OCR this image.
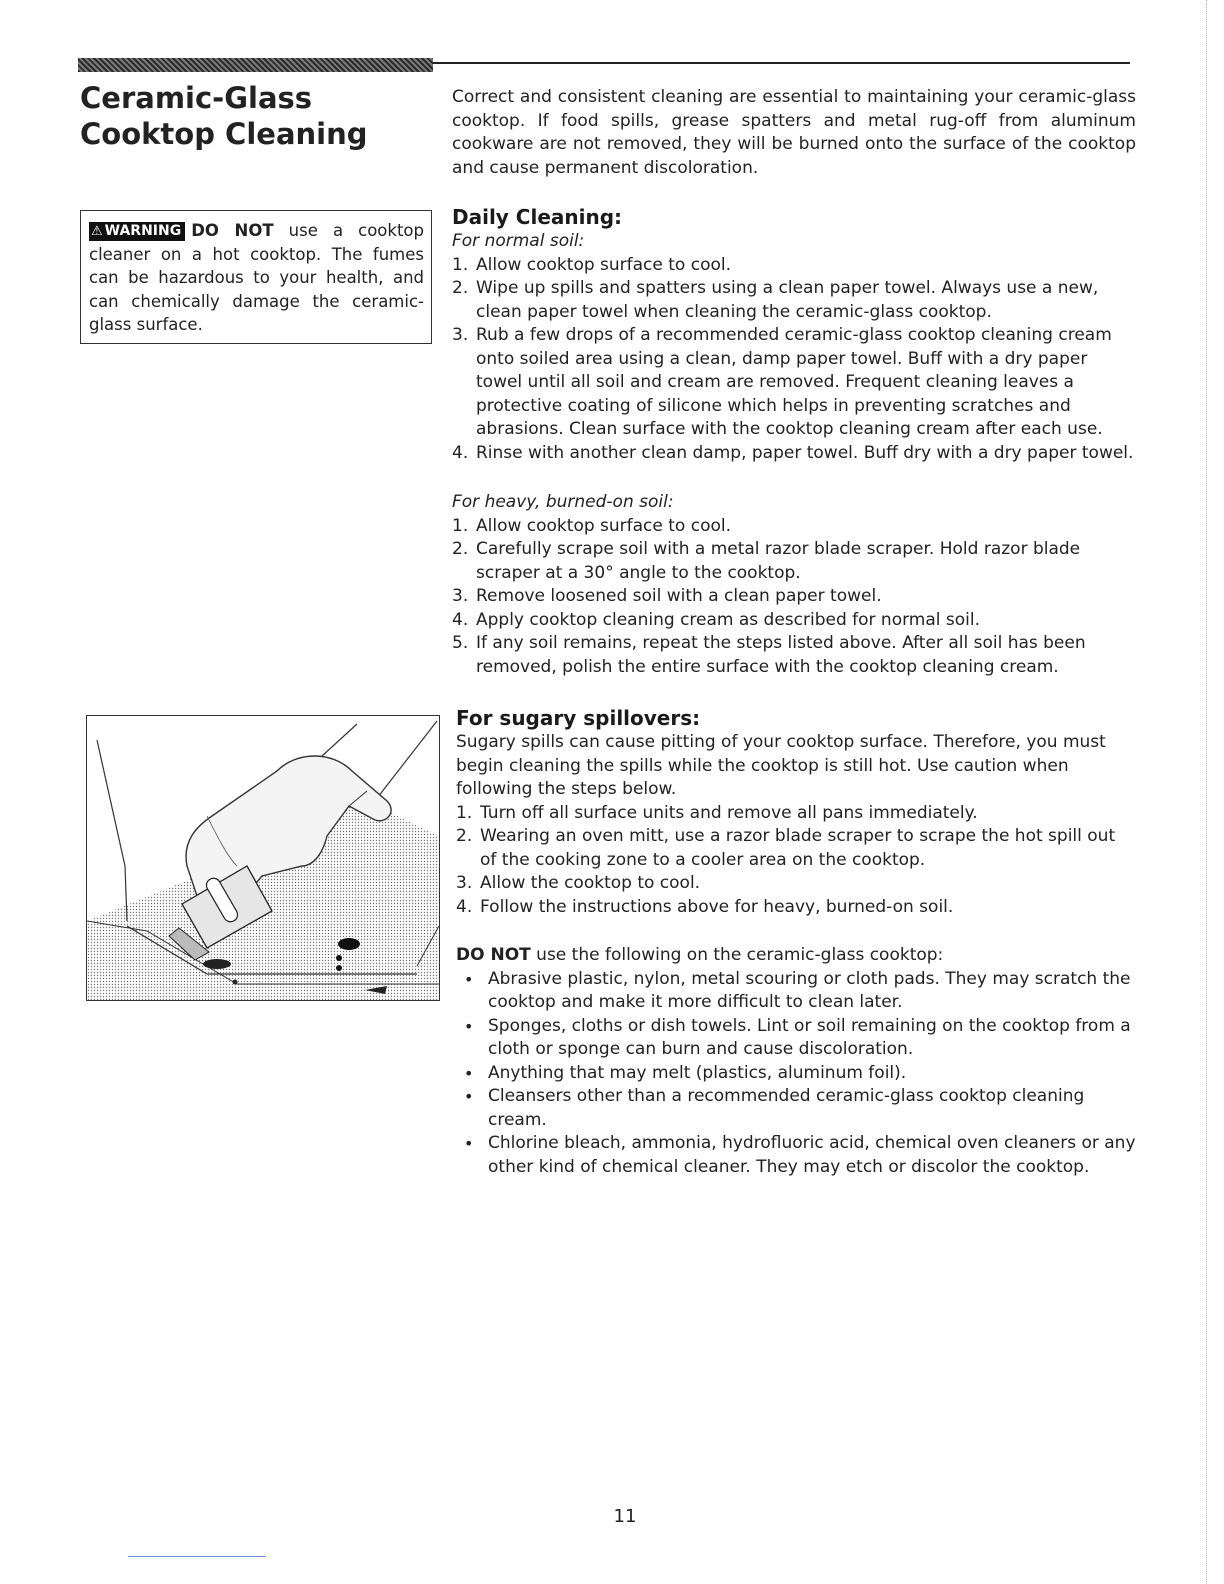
Ceramic-Glass Cooktop Cleaning
⚠ WARNING DO NOT use a cooktop cleaner on a hot cooktop. The fumes can be hazardous to your health, and can chemically damage the ceramic-glass surface.
Correct and consistent cleaning are essential to maintaining your ceramic-glass cooktop. If food spills, grease spatters and metal rug-off from aluminum cookware are not removed, they will be burned onto the surface of the cooktop and cause permanent discoloration.
Daily Cleaning:
For normal soil:
1. Allow cooktop surface to cool.
2. Wipe up spills and spatters using a clean paper towel. Always use a new, clean paper towel when cleaning the ceramic-glass cooktop.
3. Rub a few drops of a recommended ceramic-glass cooktop cleaning cream onto soiled area using a clean, damp paper towel. Buff with a dry paper towel until all soil and cream are removed. Frequent cleaning leaves a protective coating of silicone which helps in preventing scratches and abrasions. Clean surface with the cooktop cleaning cream after each use.
4. Rinse with another clean damp, paper towel. Buff dry with a dry paper towel.
For heavy, burned-on soil:
1. Allow cooktop surface to cool.
2. Carefully scrape soil with a metal razor blade scraper. Hold razor blade scraper at a 30° angle to the cooktop.
3. Remove loosened soil with a clean paper towel.
4. Apply cooktop cleaning cream as described for normal soil.
5. If any soil remains, repeat the steps listed above. After all soil has been removed, polish the entire surface with the cooktop cleaning cream.
For sugary spillovers:
Sugary spills can cause pitting of your cooktop surface. Therefore, you must begin cleaning the spills while the cooktop is still hot. Use caution when following the steps below.
1. Turn off all surface units and remove all pans immediately.
2. Wearing an oven mitt, use a razor blade scraper to scrape the hot spill out of the cooking zone to a cooler area on the cooktop.
3. Allow the cooktop to cool.
4. Follow the instructions above for heavy, burned-on soil.
DO NOT use the following on the ceramic-glass cooktop:
• Abrasive plastic, nylon, metal scouring or cloth pads. They may scratch the cooktop and make it more difficult to clean later.
• Sponges, cloths or dish towels. Lint or soil remaining on the cooktop from a cloth or sponge can burn and cause discoloration.
• Anything that may melt (plastics, aluminum foil).
• Cleansers other than a recommended ceramic-glass cooktop cleaning cream.
• Chlorine bleach, ammonia, hydrofluoric acid, chemical oven cleaners or any other kind of chemical cleaner. They may etch or discolor the cooktop.
11
